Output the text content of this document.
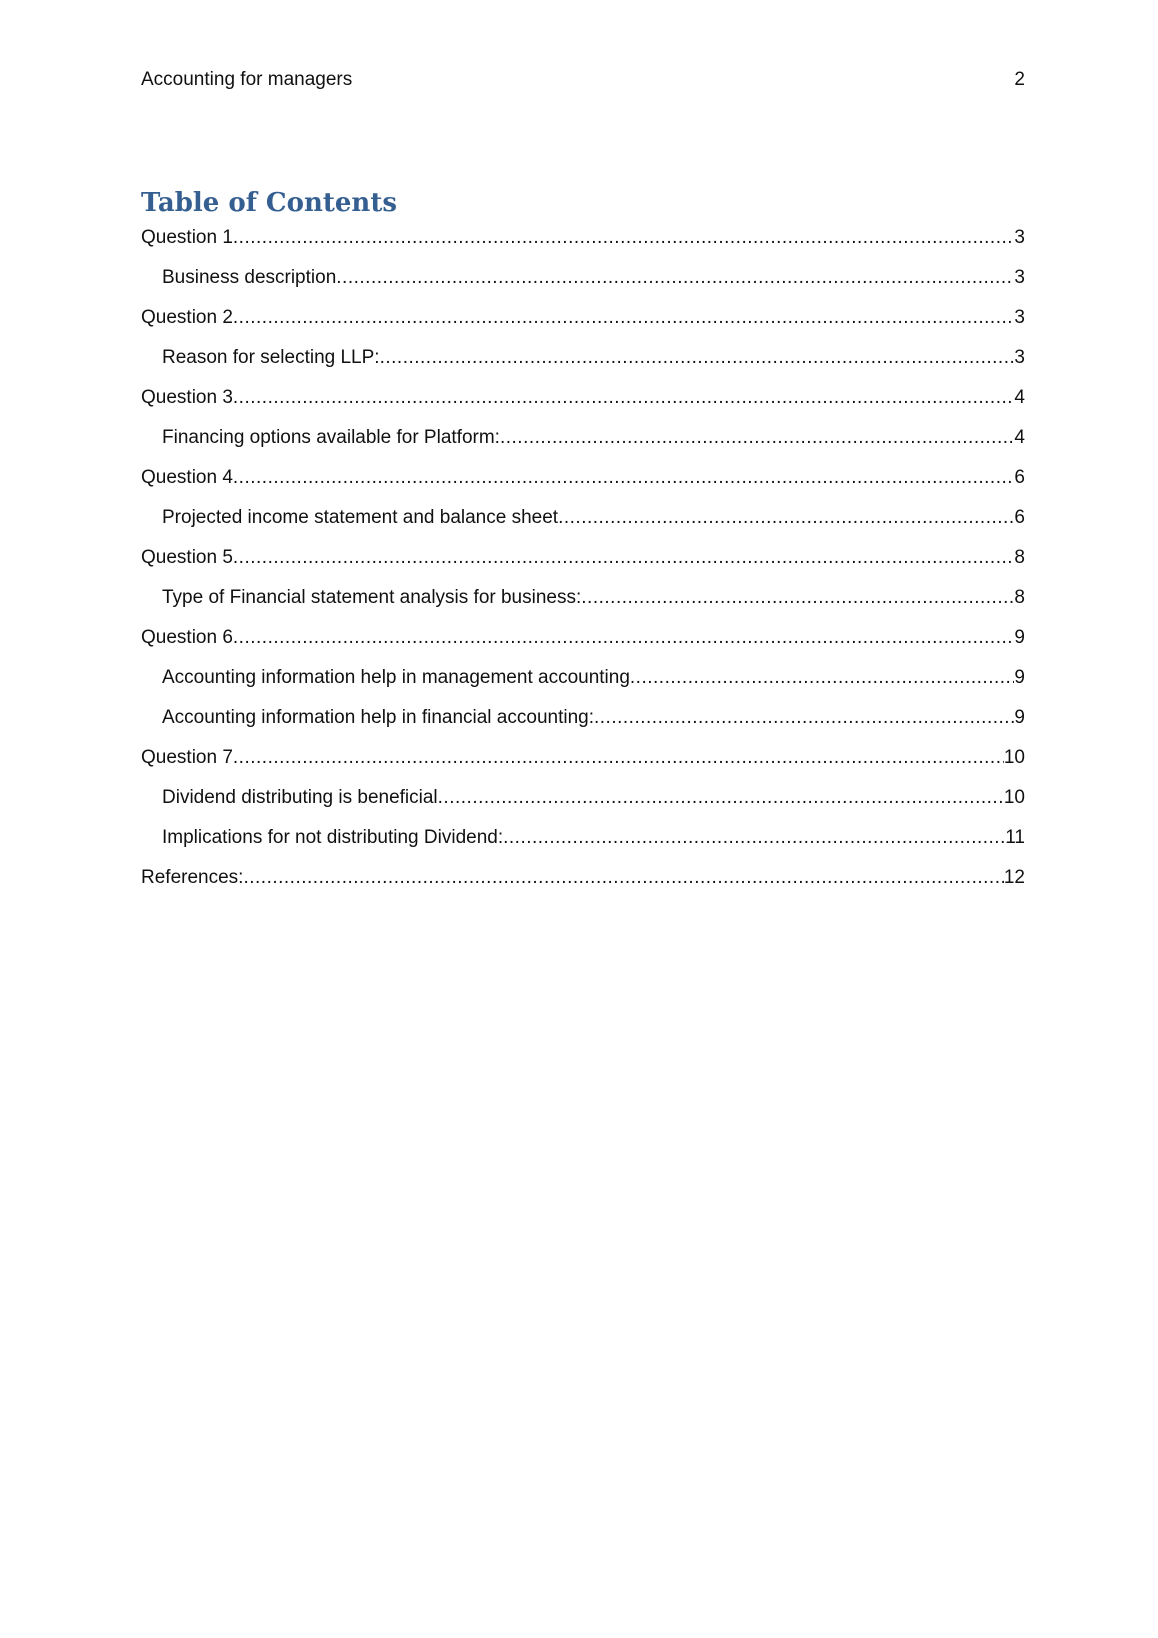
Accounting for managers	2
Table of Contents
Question 1 .....	3
Business description .....	3
Question 2 .....	3
Reason for selecting LLP: .....	3
Question 3 .....	4
Financing options available for Platform: .....	4
Question 4 .....	6
Projected income statement and balance sheet .....	6
Question 5 .....	8
Type of Financial statement analysis for business: .....	8
Question 6 .....	9
Accounting information help in management accounting .....	9
Accounting information help in financial accounting: .....	9
Question 7 .....	10
Dividend distributing is beneficial .....	10
Implications for not distributing Dividend: .....	11
References: .....	12
